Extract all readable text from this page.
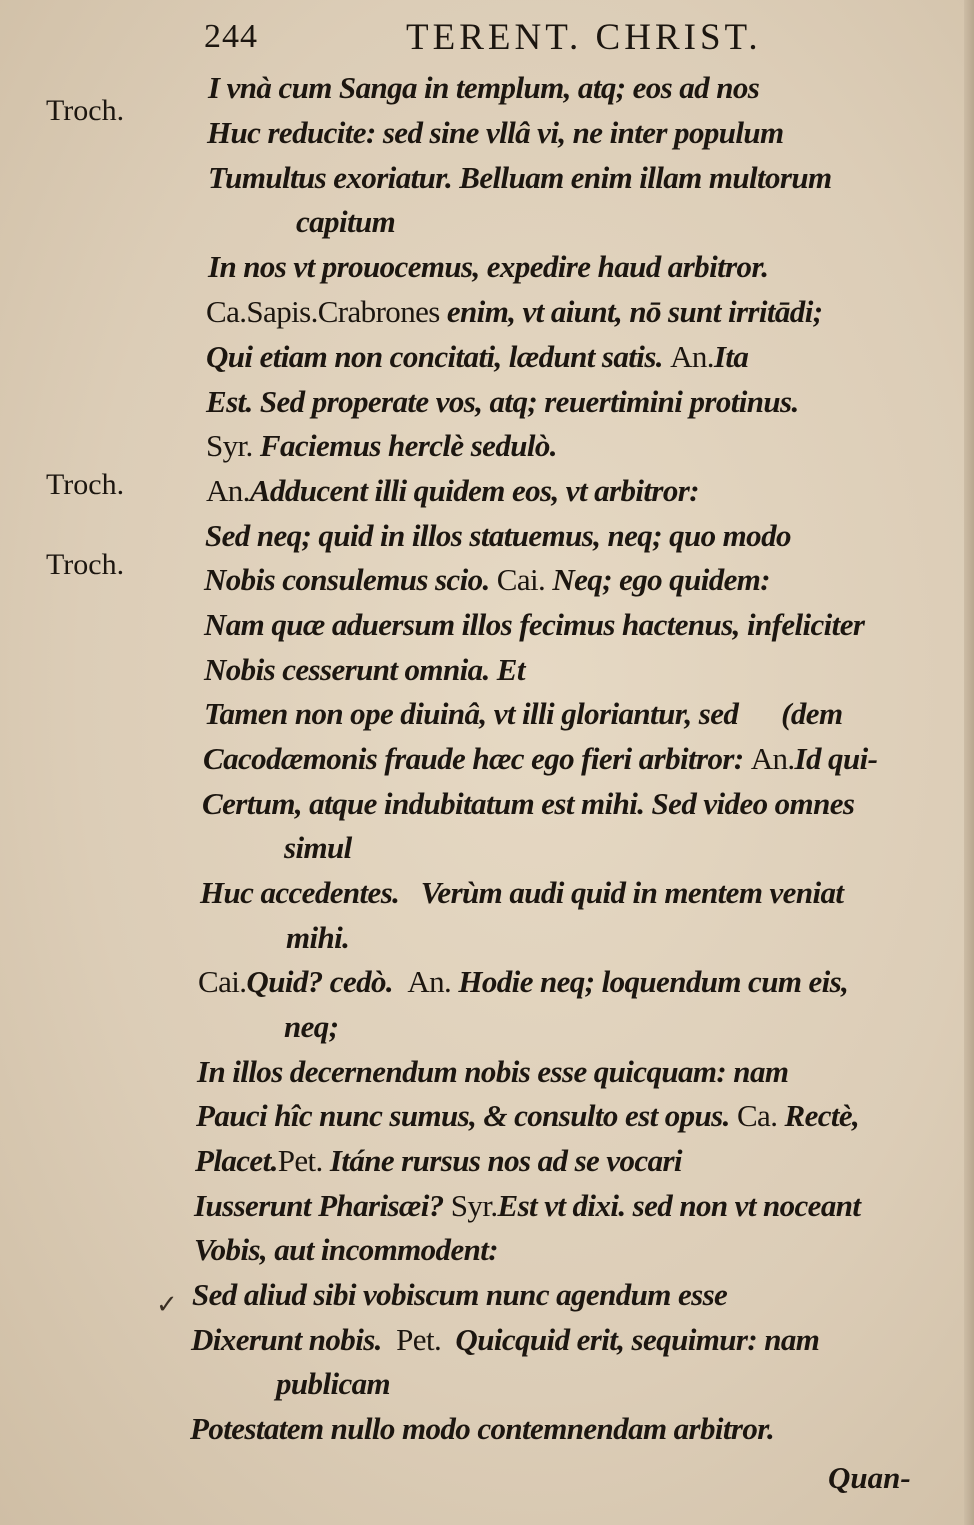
244	TERENT. CHRIST.
Troch.
Troch.
Troch.
✓
I vnà cum Sanga in templum, atq; eos ad nos
Huc reducite: sed sine vllâ vi, ne inter populum
Tumultus exoriatur. Belluam enim illam multorum
capitum
In nos vt prouocemus, expedire haud arbitror.
Ca.Sapis.Crabrones enim, vt aiunt, nō sunt irritādi;
Qui etiam non concitati, lædunt satis. An.Ita
Est. Sed properate vos, atq; reuertimini protinus.
Syr. Faciemus herclè sedulò.
An.Adducent illi quidem eos, vt arbitror:
Sed neq; quid in illos statuemus, neq; quo modo
Nobis consulemus scio. Cai. Neq; ego quidem:
Nam quæ aduersum illos fecimus hactenus, infeliciter
Nobis cesserunt omnia. Et
Tamen non ope diuinâ, vt illi gloriantur, sed      (dem
Cacodæmonis fraude hæc ego fieri arbitror: An.Id qui-
Certum, atque indubitatum est mihi. Sed video omnes
simul
Huc accedentes.   Verùm audi quid in mentem veniat
mihi.
Cai.Quid? cedò.  An. Hodie neq; loquendum cum eis,
neq;
In illos decernendum nobis esse quicquam: nam
Pauci hîc nunc sumus, & consulto est opus. Ca. Rectè,
Placet.Pet. Itáne rursus nos ad se vocari
Iusserunt Pharisæi? Syr.Est vt dixi. sed non vt noceant
Vobis, aut incommodent:
Sed aliud sibi vobiscum nunc agendum esse
Dixerunt nobis.  Pet.  Quicquid erit, sequimur: nam
publicam
Potestatem nullo modo contemnendam arbitror.
Quan-
